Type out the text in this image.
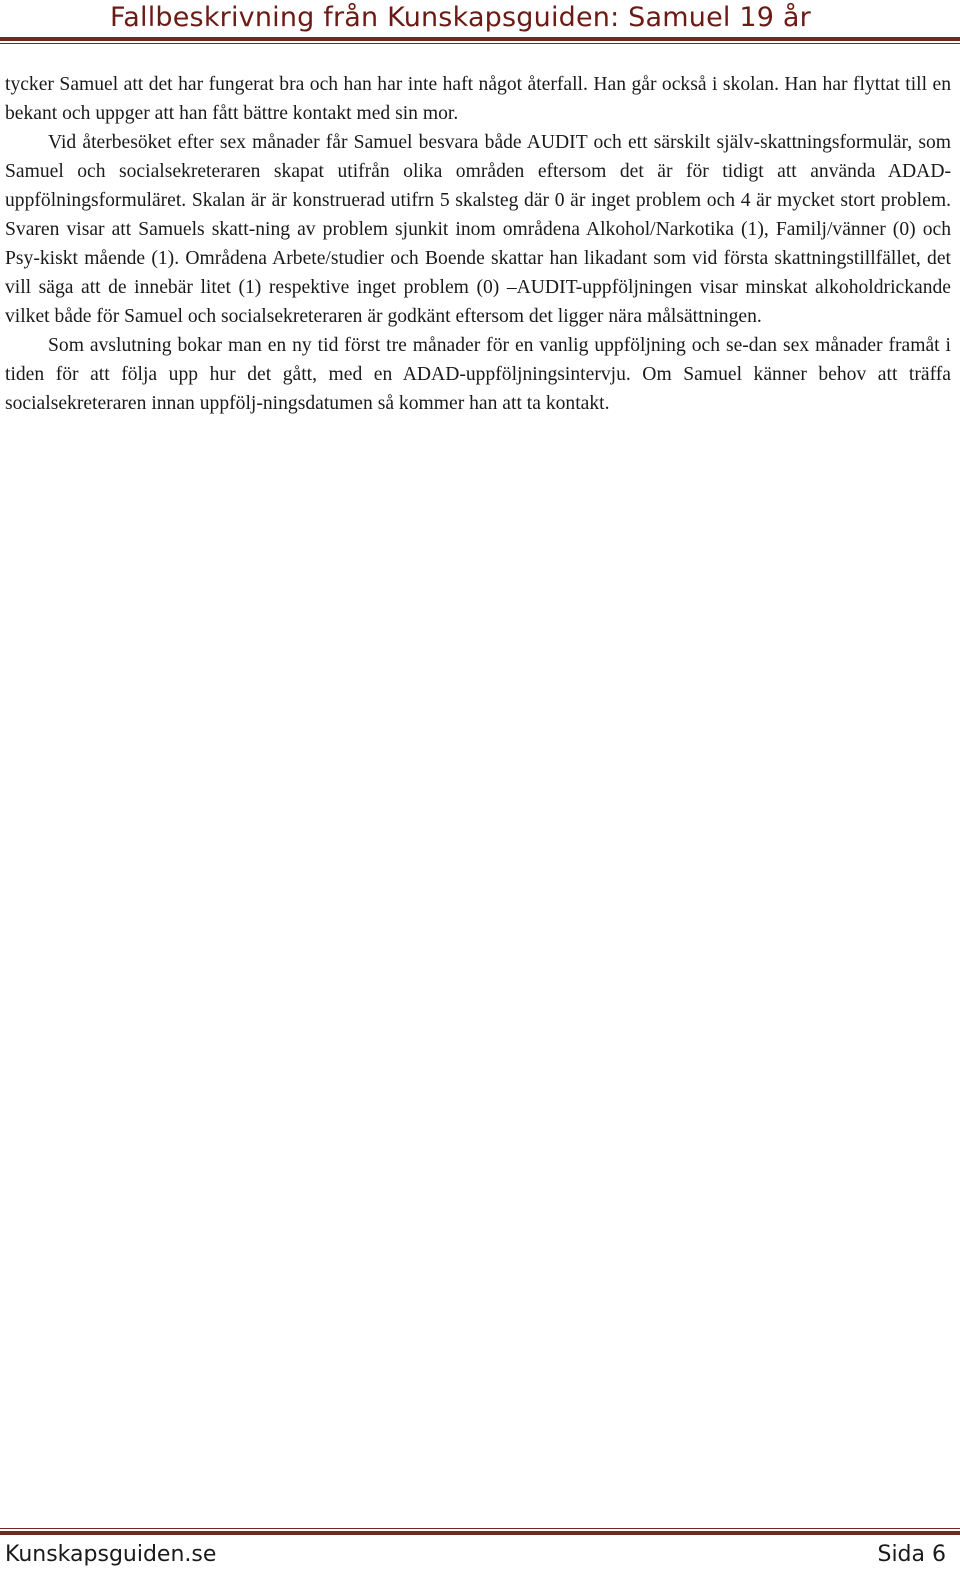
Fallbeskrivning från Kunskapsguiden: Samuel 19 år

tycker Samuel att det har fungerat bra och han har inte haft något återfall. Han går också i skolan. Han har flyttat till en bekant och uppger att han fått bättre kontakt med sin mor.

Vid återbesöket efter sex månader får Samuel besvara både AUDIT och ett särskilt själv-skattningsformulär, som Samuel och socialsekreteraren skapat utifrån olika områden eftersom det är för tidigt att använda ADAD-uppfölningsformuläret. Skalan är är konstruerad utifrn 5 skalsteg där 0 är inget problem och 4 är mycket stort problem. Svaren visar att Samuels skatt-ning av problem sjunkit inom områdena Alkohol/Narkotika (1), Familj/vänner (0) och Psy-kiskt mående (1). Områdena Arbete/studier och Boende skattar han likadant som vid första skattningstillfället, det vill säga att de innebär litet (1) respektive inget problem (0) –AUDIT-uppföljningen visar minskat alkoholdrickande vilket både för Samuel och socialsekreteraren är godkänt eftersom det ligger nära målsättningen.

Som avslutning bokar man en ny tid först tre månader för en vanlig uppföljning och se-dan sex månader framåt i tiden för att följa upp hur det gått, med en ADAD-uppföljningsintervju. Om Samuel känner behov att träffa socialsekreteraren innan uppfölj-ningsdatumen så kommer han att ta kontakt.

Kunskapsguiden.se	Sida 6
